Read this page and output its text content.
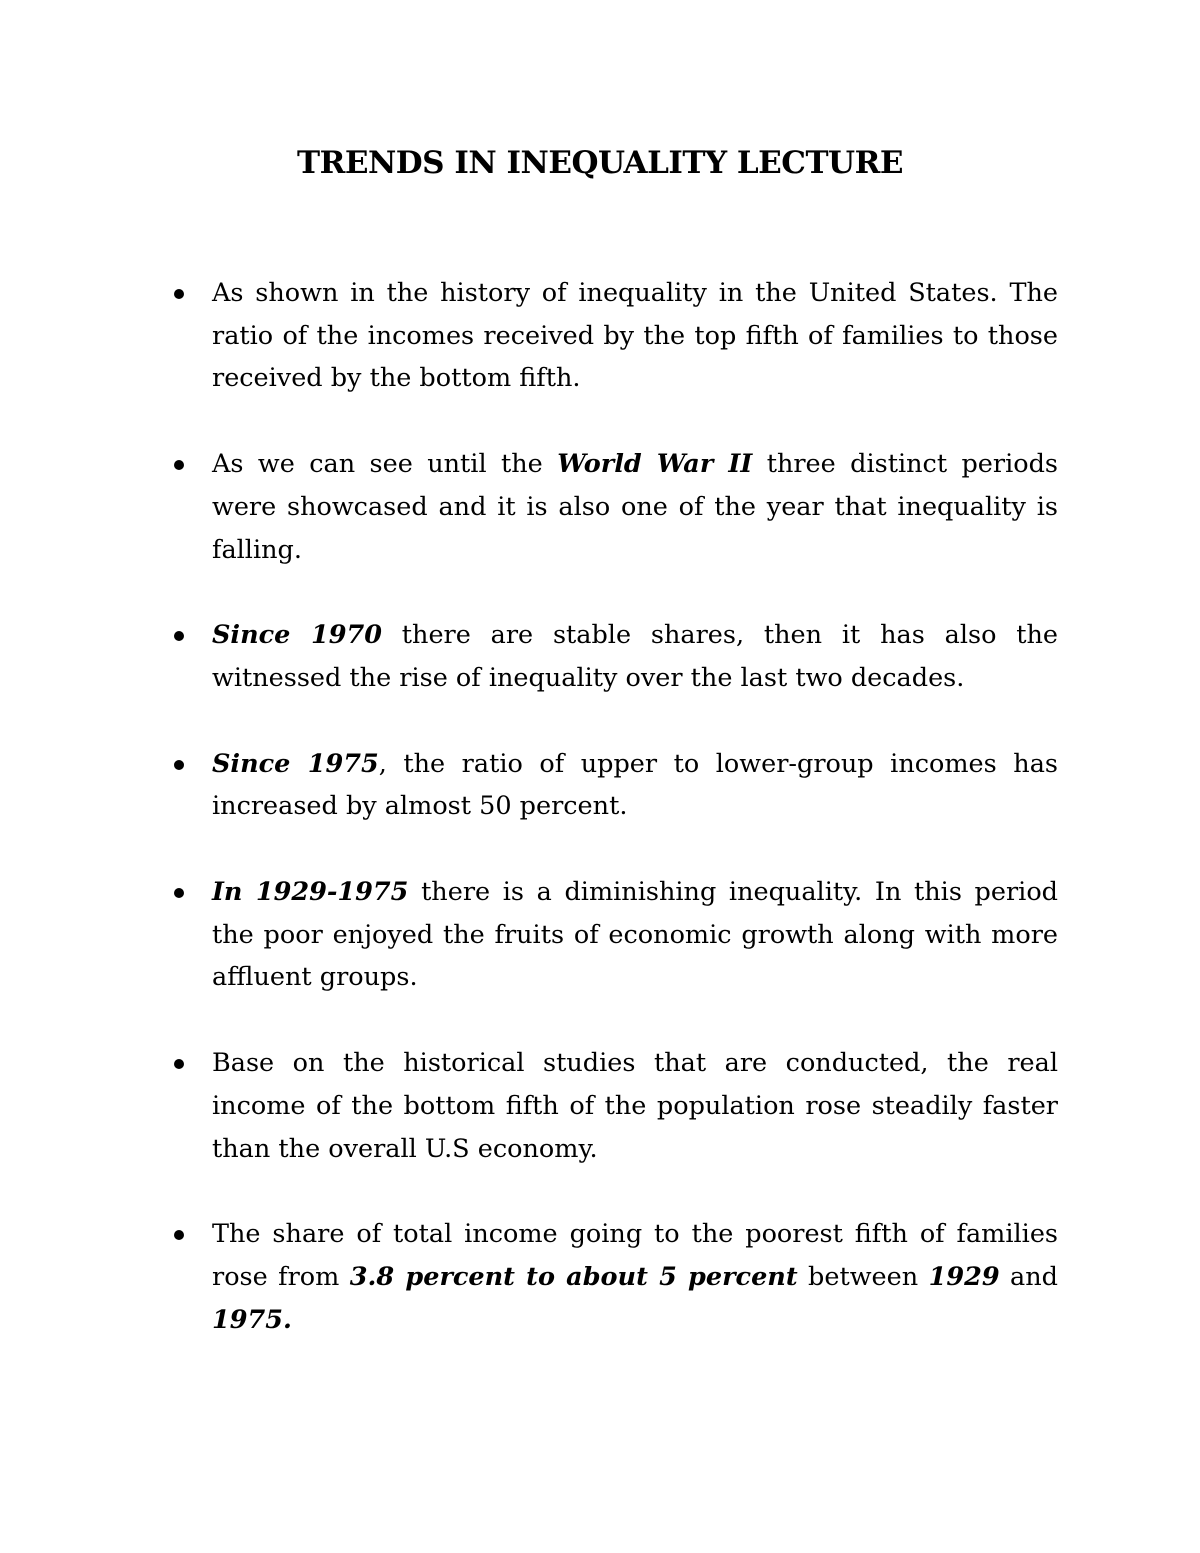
TRENDS IN INEQUALITY LECTURE
As shown in the history of inequality in the United States. The ratio of the incomes received by the top fifth of families to those received by the bottom fifth.
As we can see until the World War II three distinct periods were showcased and it is also one of the year that inequality is falling.
Since 1970 there are stable shares, then it has also the witnessed the rise of inequality over the last two decades.
Since 1975, the ratio of upper to lower-group incomes has increased by almost 50 percent.
In 1929-1975 there is a diminishing inequality. In this period the poor enjoyed the fruits of economic growth along with more affluent groups.
Base on the historical studies that are conducted, the real income of the bottom fifth of the population rose steadily faster than the overall U.S economy.
The share of total income going to the poorest fifth of families rose from 3.8 percent to about 5 percent between 1929 and 1975.
